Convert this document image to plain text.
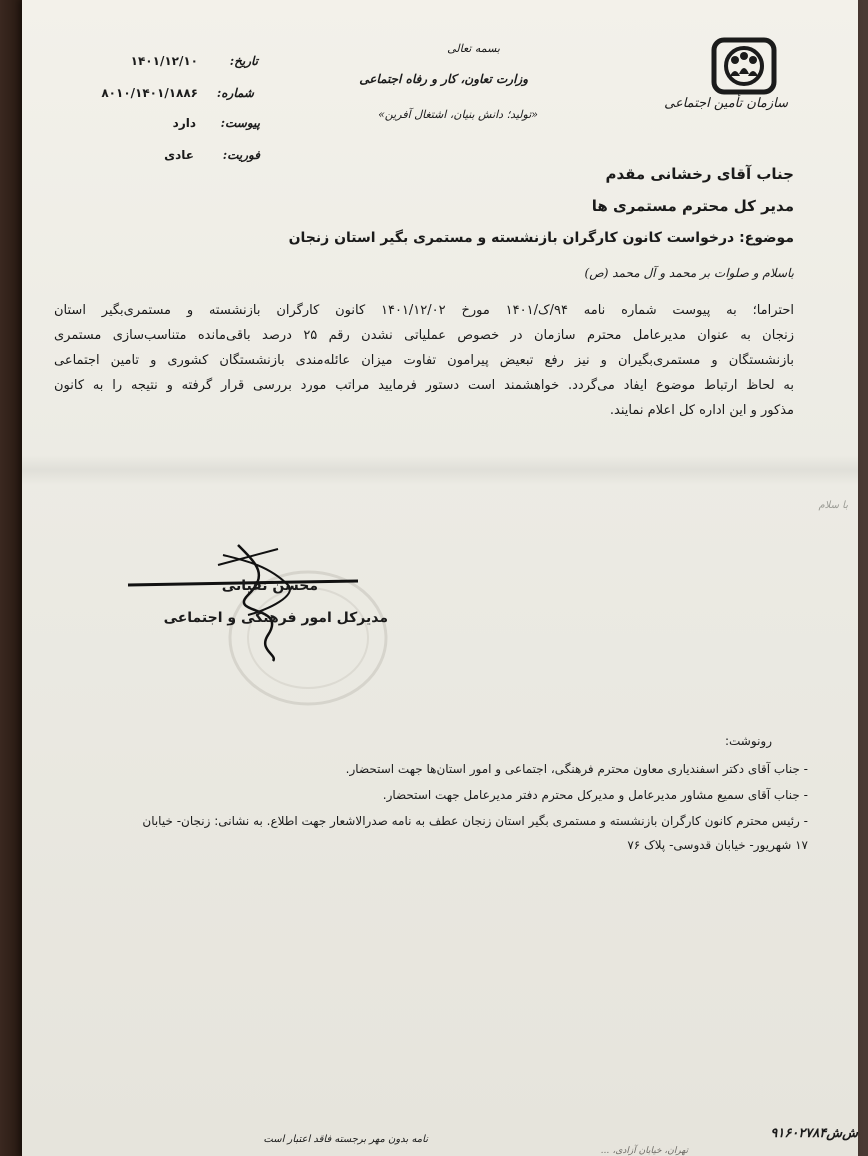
سازمان تأمین اجتماعی
بسمه تعالی
وزارت تعاون، کار و رفاه اجتماعی
«تولید؛ دانش بنیان، اشتغال آفرین»
تاریخ:
۱۴۰۱/۱۲/۱۰
شماره:
۸۰۱۰/۱۴۰۱/۱۸۸۶
پیوست:
دارد
فوریت:
عادی
جناب آقای رخشانی مقدم
مدیر کل محترم مستمری ها
موضوع: درخواست کانون کارگران بازنشسته و مستمری بگیر استان زنجان
باسلام و صلوات بر محمد و آل محمد (ص)
احتراما؛ به پیوست شماره نامه ۹۴/ک/۱۴۰۱ مورخ ۱۴۰۱/۱۲/۰۲ کانون کارگران بازنشسته و مستمری‌بگیر استان
زنجان به عنوان مدیرعامل محترم سازمان در خصوص عملیاتی نشدن رقم ۲۵ درصد باقی‌مانده متناسب‌سازی مستمری
بازنشستگان و مستمری‌بگیران و نیز رفع تبعیض پیرامون تفاوت میزان عائله‌مندی بازنشستگان کشوری و تامین اجتماعی
به لحاظ ارتباط موضوع ایفاد می‌گردد. خواهشمند است دستور فرمایید مراتب مورد بررسی قرار گرفته و نتیجه را به کانون
مذکور و این اداره کل اعلام نمایند.
با سلام
محسن نقیانی
مدیرکل امور فرهنگی و اجتماعی
رونوشت:
- جناب آقای دکتر اسفندیاری معاون محترم فرهنگی، اجتماعی و امور استان‌ها جهت استحضار.
- جناب آقای سمیع مشاور مدیرعامل و مدیرکل محترم دفتر مدیرعامل جهت استحضار.
- رئیس محترم کانون کارگران بازنشسته و مستمری بگیر استان زنجان عطف به نامه صدرالاشعار جهت اطلاع. به نشانی: زنجان- خیابان
۱۷ شهریور- خیابان قدوسی- پلاک ۷۶
نامه بدون مهر برجسته فاقد اعتبار است	ش‌ش‌۹۱۶۰۲۷۸۴
تهران، خیابان آزادی، ...
